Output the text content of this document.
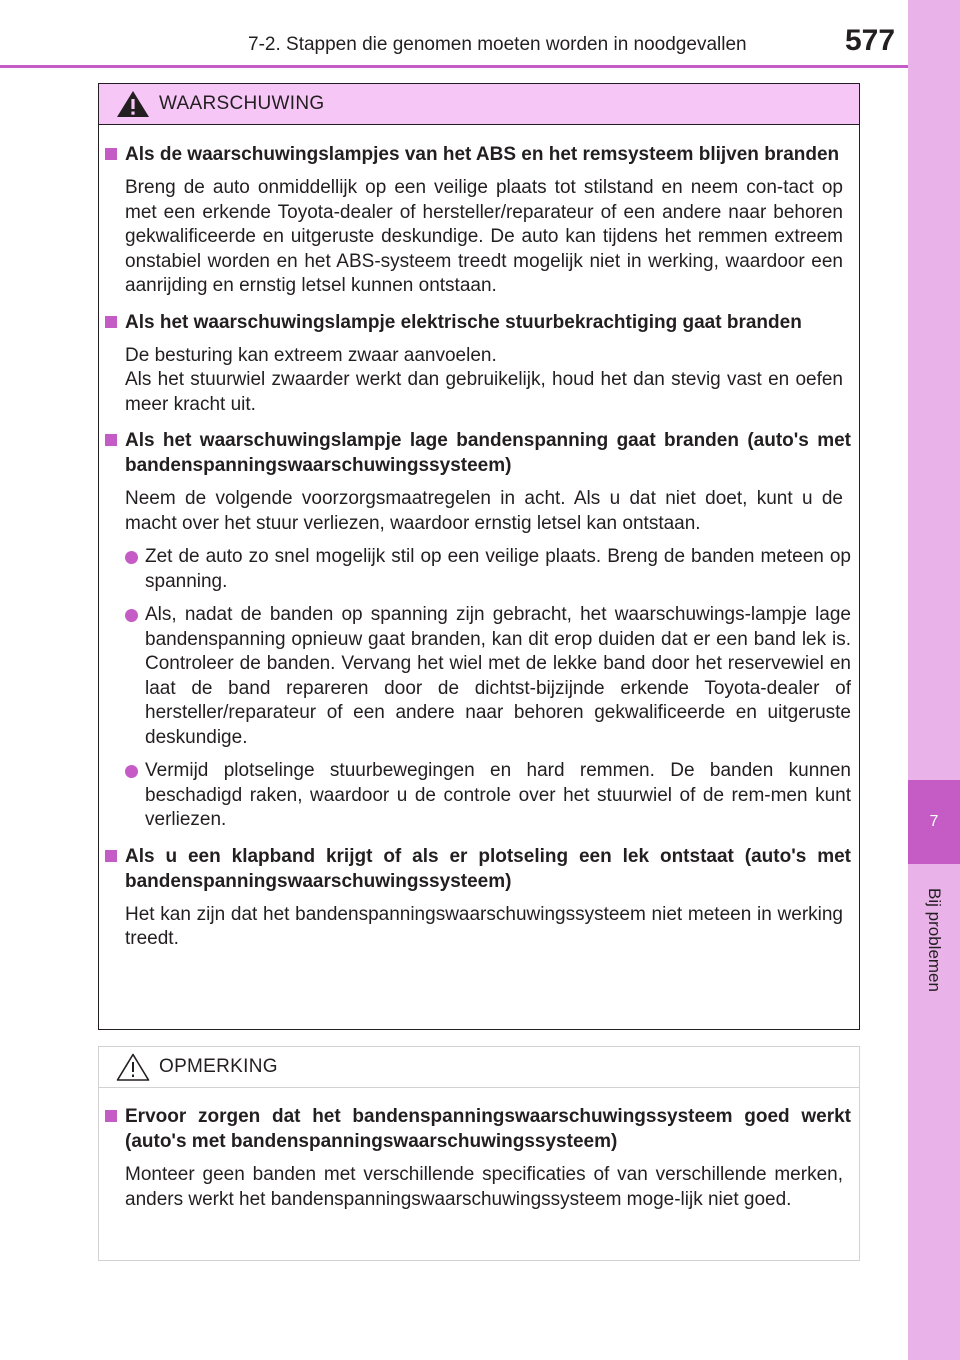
7-2. Stappen die genomen moeten worden in noodgevallen	577
7
Bij problemen
WAARSCHUWING
Als de waarschuwingslampjes van het ABS en het remsysteem blijven branden
Breng de auto onmiddellijk op een veilige plaats tot stilstand en neem con-tact op met een erkende Toyota-dealer of hersteller/reparateur of een andere naar behoren gekwalificeerde en uitgeruste deskundige. De auto kan tijdens het remmen extreem onstabiel worden en het ABS-systeem treedt mogelijk niet in werking, waardoor een aanrijding en ernstig letsel kunnen ontstaan.
Als het waarschuwingslampje elektrische stuurbekrachtiging gaat branden
De besturing kan extreem zwaar aanvoelen.
Als het stuurwiel zwaarder werkt dan gebruikelijk, houd het dan stevig vast en oefen meer kracht uit.
Als het waarschuwingslampje lage bandenspanning gaat branden (auto's met bandenspanningswaarschuwingssysteem)
Neem de volgende voorzorgsmaatregelen in acht. Als u dat niet doet, kunt u de macht over het stuur verliezen, waardoor ernstig letsel kan ontstaan.
Zet de auto zo snel mogelijk stil op een veilige plaats. Breng de banden meteen op spanning.
Als, nadat de banden op spanning zijn gebracht, het waarschuwings-lampje lage bandenspanning opnieuw gaat branden, kan dit erop duiden dat er een band lek is. Controleer de banden. Vervang het wiel met de lekke band door het reservewiel en laat de band repareren door de dichtst-bijzijnde erkende Toyota-dealer of hersteller/reparateur of een andere naar behoren gekwalificeerde en uitgeruste deskundige.
Vermijd plotselinge stuurbewegingen en hard remmen. De banden kunnen beschadigd raken, waardoor u de controle over het stuurwiel of de rem-men kunt verliezen.
Als u een klapband krijgt of als er plotseling een lek ontstaat (auto's met bandenspanningswaarschuwingssysteem)
Het kan zijn dat het bandenspanningswaarschuwingssysteem niet meteen in werking treedt.
OPMERKING
Ervoor zorgen dat het bandenspanningswaarschuwingssysteem goed werkt (auto's met bandenspanningswaarschuwingssysteem)
Monteer geen banden met verschillende specificaties of van verschillende merken, anders werkt het bandenspanningswaarschuwingssysteem moge-lijk niet goed.
